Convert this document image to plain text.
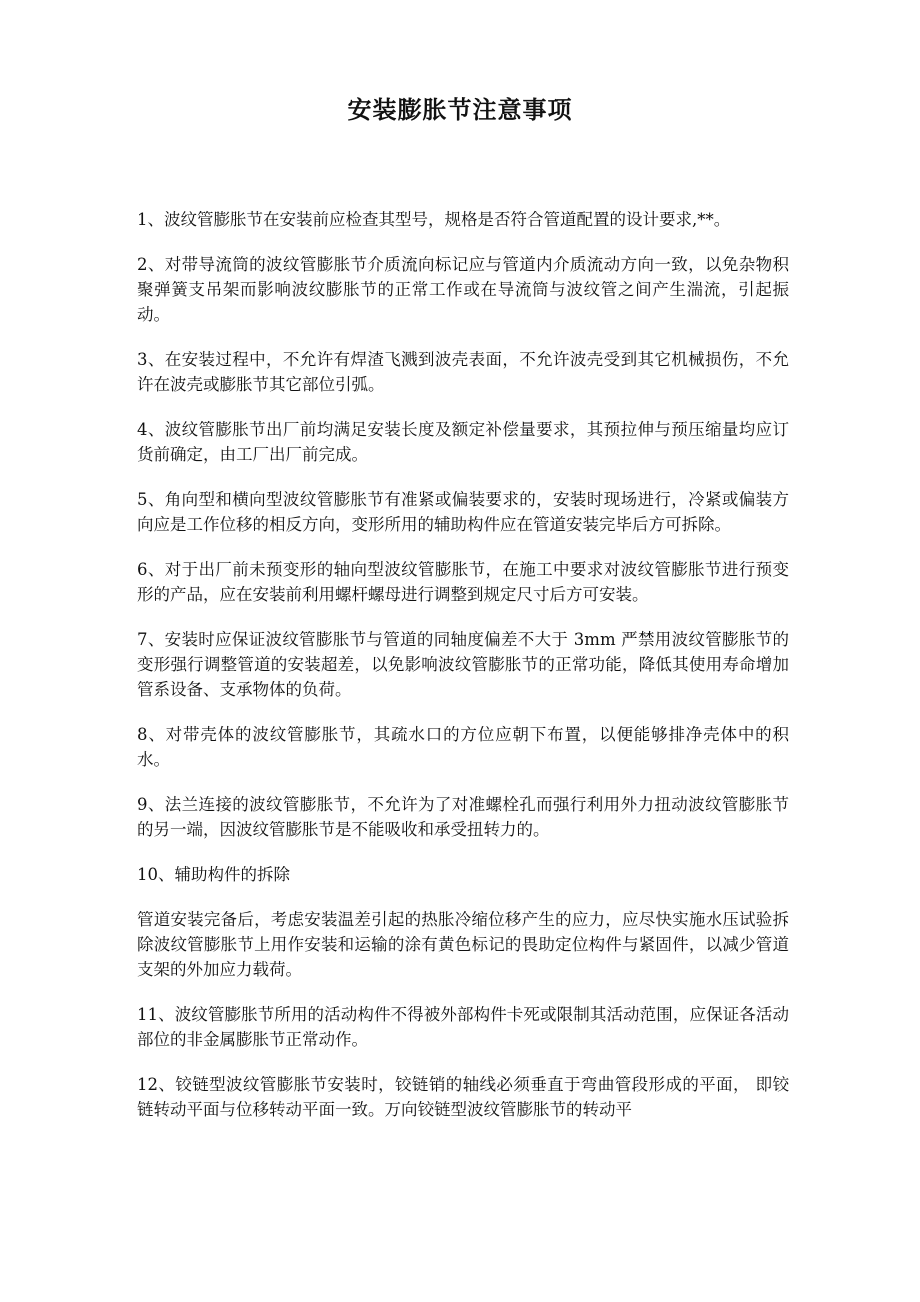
安装膨胀节注意事项

1、波纹管膨胀节在安装前应检查其型号，规格是否符合管道配置的设计要求,**。

2、对带导流筒的波纹管膨胀节介质流向标记应与管道内介质流动方向一致，以免杂物积聚弹簧支吊架而影响波纹膨胀节的正常工作或在导流筒与波纹管之间产生湍流，引起振动。

3、在安装过程中，不允许有焊渣飞溅到波壳表面，不允许波壳受到其它机械损伤，不允许在波壳或膨胀节其它部位引弧。

4、波纹管膨胀节出厂前均满足安装长度及额定补偿量要求，其预拉伸与预压缩量均应订货前确定，由工厂出厂前完成。

5、角向型和横向型波纹管膨胀节有准紧或偏装要求的，安装时现场进行，冷紧或偏装方向应是工作位移的相反方向，变形所用的辅助构件应在管道安装完毕后方可拆除。

6、对于出厂前未预变形的轴向型波纹管膨胀节，在施工中要求对波纹管膨胀节进行预变形的产品，应在安装前利用螺杆螺母进行调整到规定尺寸后方可安装。

7、安装时应保证波纹管膨胀节与管道的同轴度偏差不大于 3mm 严禁用波纹管膨胀节的变形强行调整管道的安装超差，以免影响波纹管膨胀节的正常功能，降低其使用寿命增加管系设备、支承物体的负荷。

8、对带壳体的波纹管膨胀节，其疏水口的方位应朝下布置，以便能够排净壳体中的积水。

9、法兰连接的波纹管膨胀节，不允许为了对准螺栓孔而强行利用外力扭动波纹管膨胀节的另一端，因波纹管膨胀节是不能吸收和承受扭转力的。

10、辅助构件的拆除

管道安装完备后，考虑安装温差引起的热胀冷缩位移产生的应力，应尽快实施水压试验拆除波纹管膨胀节上用作安装和运输的涂有黄色标记的畏助定位构件与紧固件，以减少管道支架的外加应力载荷。

11、波纹管膨胀节所用的活动构件不得被外部构件卡死或限制其活动范围，应保证各活动部位的非金属膨胀节正常动作。

12、铰链型波纹管膨胀节安装时，铰链销的轴线必须垂直于弯曲管段形成的平面， 即铰链转动平面与位移转动平面一致。万向铰链型波纹管膨胀节的转动平
